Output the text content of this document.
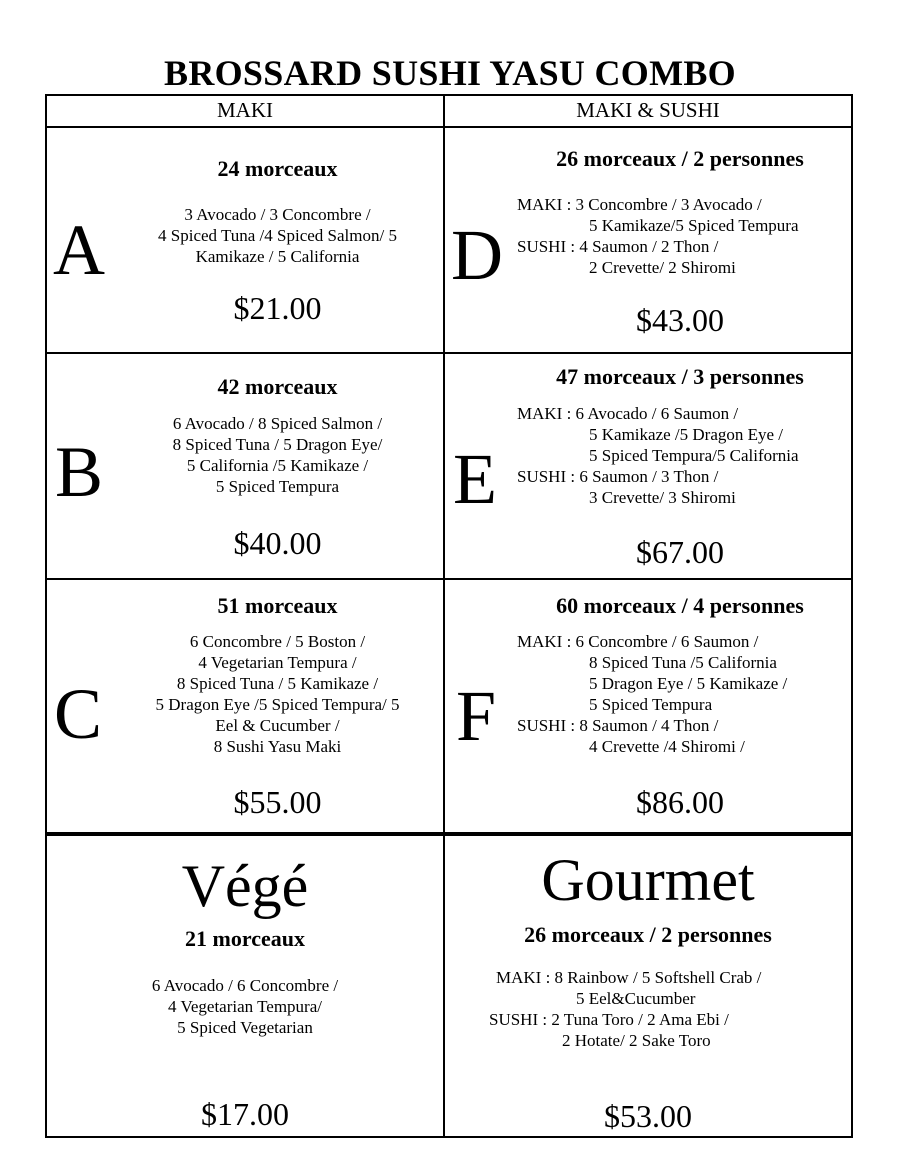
BROSSARD SUSHI YASU COMBO
MAKI	MAKI & SUSHI
A
24 morceaux
3 Avocado / 3 Concombre /
4 Spiced Tuna /4 Spiced Salmon/ 5
Kamikaze / 5 California
$21.00
B
42 morceaux
6 Avocado / 8 Spiced Salmon /
8 Spiced Tuna / 5 Dragon Eye/
5 California /5 Kamikaze /
5 Spiced Tempura
$40.00
C
51 morceaux
6 Concombre / 5 Boston /
4 Vegetarian Tempura /
8 Spiced Tuna / 5 Kamikaze /
5 Dragon Eye /5 Spiced Tempura/ 5
Eel & Cucumber /
8 Sushi Yasu Maki
$55.00
D
26 morceaux / 2 personnes
MAKI : 3 Concombre / 3 Avocado /
5 Kamikaze/5 Spiced Tempura
SUSHI : 4 Saumon / 2 Thon /
2 Crevette/ 2 Shiromi
$43.00
E
47 morceaux / 3 personnes
MAKI : 6 Avocado / 6 Saumon /
5 Kamikaze /5 Dragon Eye /
5 Spiced Tempura/5 California
SUSHI : 6 Saumon / 3 Thon /
3 Crevette/ 3 Shiromi
$67.00
F
60 morceaux / 4 personnes
MAKI : 6 Concombre / 6 Saumon /
8 Spiced Tuna /5 California
5 Dragon Eye / 5 Kamikaze /
5 Spiced Tempura
SUSHI : 8 Saumon / 4 Thon /
4 Crevette /4 Shiromi /
$86.00
Végé
21 morceaux
6 Avocado / 6 Concombre /
4 Vegetarian Tempura/
5 Spiced Vegetarian
$17.00
Gourmet
26 morceaux / 2 personnes
MAKI : 8 Rainbow / 5 Softshell Crab /
5 Eel&Cucumber
SUSHI : 2 Tuna Toro / 2 Ama Ebi /
2 Hotate/ 2 Sake Toro
$53.00
